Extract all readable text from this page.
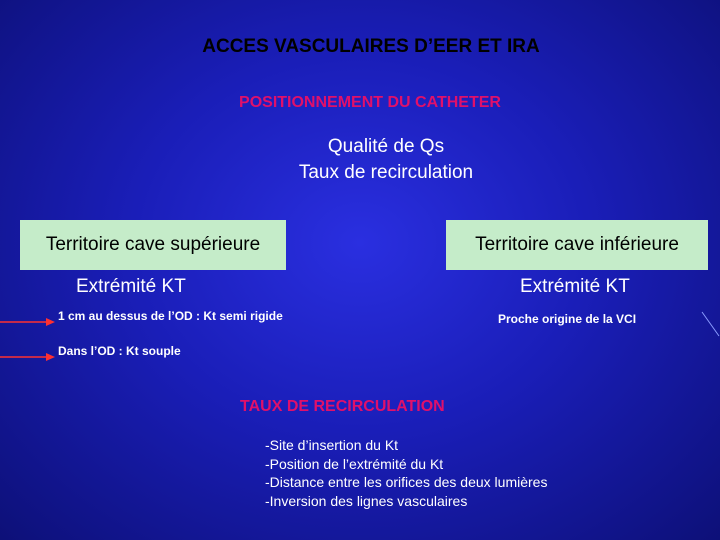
ACCES VASCULAIRES D’EER ET IRA
POSITIONNEMENT DU CATHETER
Qualité de Qs
Taux de recirculation
Territoire cave supérieure	Territoire cave inférieure
Extrémité KT	Extrémité KT
1 cm au dessus de l’OD : Kt semi rigide	Proche origine de la VCI
Dans l’OD : Kt souple
TAUX DE RECIRCULATION
-Site d’insertion du Kt
-Position de l’extrémité du Kt
-Distance entre les orifices des deux lumières
-Inversion des lignes vasculaires
